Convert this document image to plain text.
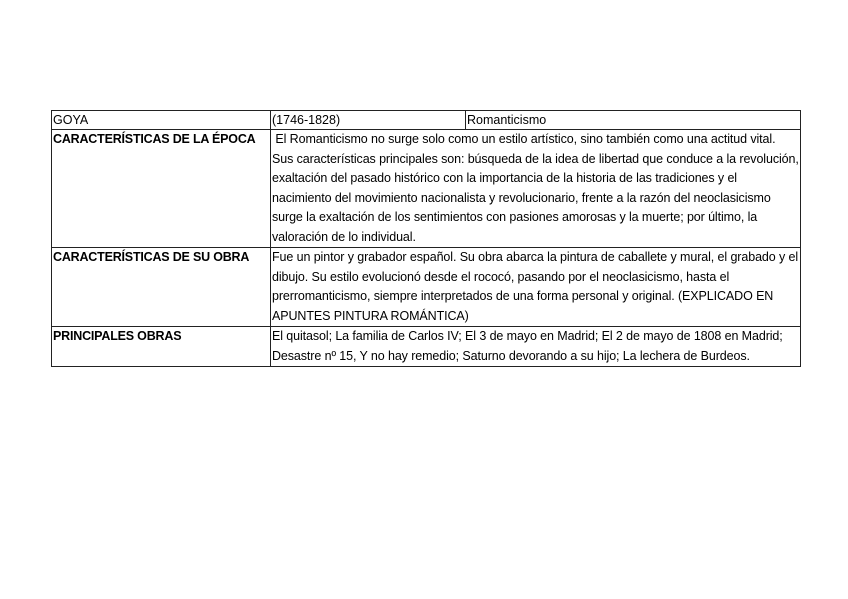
GOYA	(1746-1828)	Romanticismo
CARACTERÍSTICAS DE LA ÉPOCA	El Romanticismo no surge solo como un estilo artístico, sino también como una actitud vital. Sus características principales son: búsqueda de la idea de libertad que conduce a la revolución, exaltación del pasado histórico con la importancia de la historia de las tradiciones y el nacimiento del movimiento nacionalista y revolucionario, frente a la razón del neoclasicismo surge la exaltación de los sentimientos con pasiones amorosas y la muerte; por último, la valoración de lo individual.	
CARACTERÍSTICAS DE SU OBRA	Fue un pintor y grabador español. Su obra abarca la pintura de caballete y mural, el grabado y el dibujo. Su estilo evolucionó desde el rococó, pasando por el neoclasicismo, hasta el prerromanticismo, siempre interpretados de una forma personal y original. (EXPLICADO EN APUNTES PINTURA ROMÁNTICA)	
PRINCIPALES OBRAS	El quitasol; La familia de Carlos IV; El 3 de mayo en Madrid; El 2 de mayo de 1808 en Madrid; Desastre nº 15, Y no hay remedio; Saturno devorando a su hijo; La lechera de Burdeos.	
